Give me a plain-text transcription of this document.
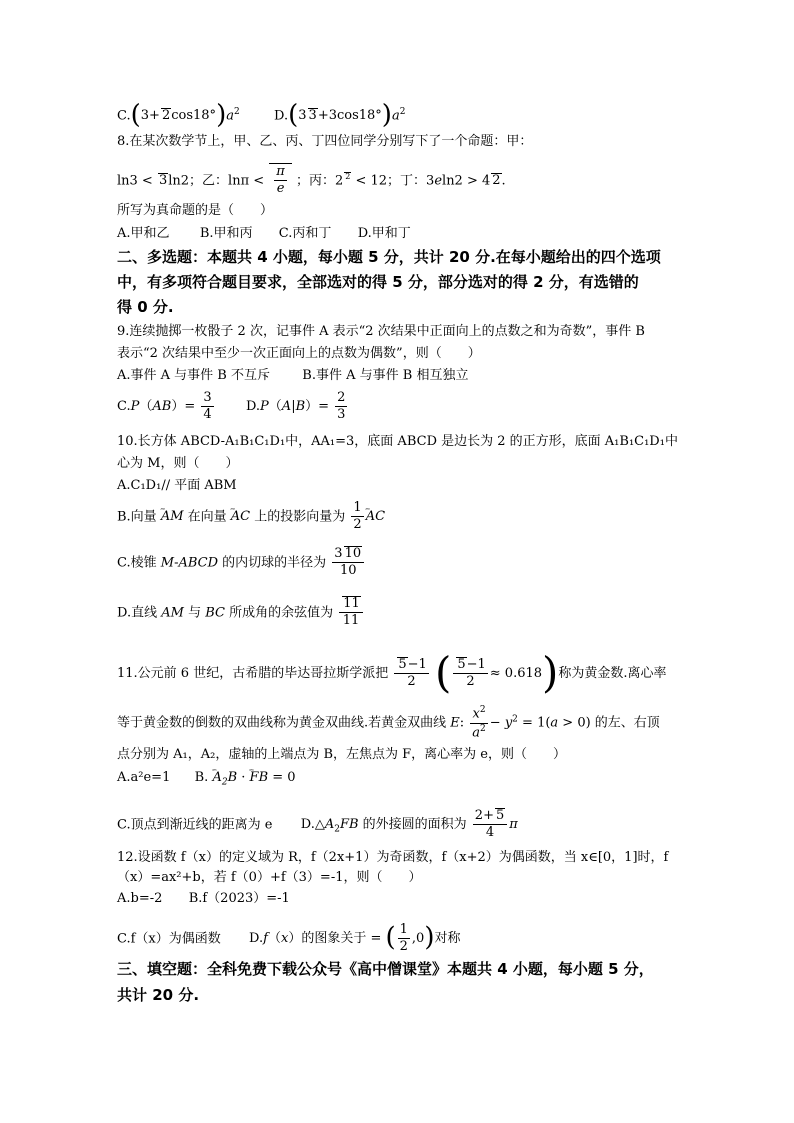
$C.(3+ 2\cos 18^\circ)a^2$	D.(3 $3+3\cos 18^\circ)a^2$
8.在某次数学节上，甲、乙、丙、丁四位同学分别写下了一个命题：甲：
ln3 < 3ln2；乙：$\ln\pi < \frac{\pi}{e}$ ；丙：2 $^2$ < 12；丁：3eln2 > 4 2.
所写为真命题的是（　　）
A.甲和乙 B.甲和丙 C.丙和丁 D.甲和丁
二、多选题：本题共 4 小题，每小题 5 分，共计 20 分.在每小题给出的四个选项
中，有多项符合题目要求，全部选对的得 5 分，部分选对的得 2 分，有选错的
得 0 分.
9.连续抛掷一枚骰子 2 次，记事件 A 表示“2 次结果中正面向上的点数之和为奇数”，事件 B
表示“2 次结果中至少一次正面向上的点数为偶数”，则（　　）
A.事件 A 与事件 B 不互斥 B.事件 A 与事件 B 相互独立
$C.P(AB)= \frac{3}{4} D.P(A|B)= \frac{2}{3}$
10.长方体 ABCD-A₁B₁C₁D₁中，AA₁=3，底面 ABCD 是边长为 2 的正方形，底面 A₁B₁C₁D₁中
心为 M，则（　　）
A.C₁D₁// 平面 ABM
B.向量 ꞈꞈꞈ AM 在向量 ꞈꞈꞈ AC 上的投影向量为 $\frac{1}{2}$
ꞈꞈꞈ AC
C.棱锥 M-ABCD 的内切球的半径为 $\frac{3 10}{10}$
D.直线 AM 与 BC 所成角的余弦值为 $\frac{11}{11}$
11.公元前 6 世纪，古希腊的毕达哥拉斯学派把 $\frac{5-1}{2}$ ( $\frac{5-1}{2} \approx 0.618$)称为黄金数.离心率
等于黄金数的倒数的双曲线称为黄金双曲线.若黄金双曲线 E: $\frac{x^2}{a^2} - y^2 = 1(a > 0)$ 的左、右顶
点分别为 A₁，A₂，虚轴的上端点为 B，左焦点为 F，离心率为 e，则（　　）
A.a²e=1 B. ꞈꞈꞈ $A_2B$ · ꞈꞈꞈ FB = 0
C.顶点到渐近线的距离为 e $D.\triangle A_2FB$ 的外接圆的面积为 $\frac{2+ 5}{4}$ π
12.设函数 f（x）的定义域为 R，f（2x+1）为奇函数，f（x+2）为偶函数，当 x∈[0，1]时，f
（x）=ax²+b，若 f（0）+f（3）=-1，则（　　）
A.b=-2 B.f（2023）=-1
C.f（x）为偶函数 D.f（x）的图象关于 = ( $\frac{1}{2} ,0$)对称
三、填空题：全科免费下载公众号《高中僧课堂》本题共 4 小题，每小题 5 分，
共计 20 分.
